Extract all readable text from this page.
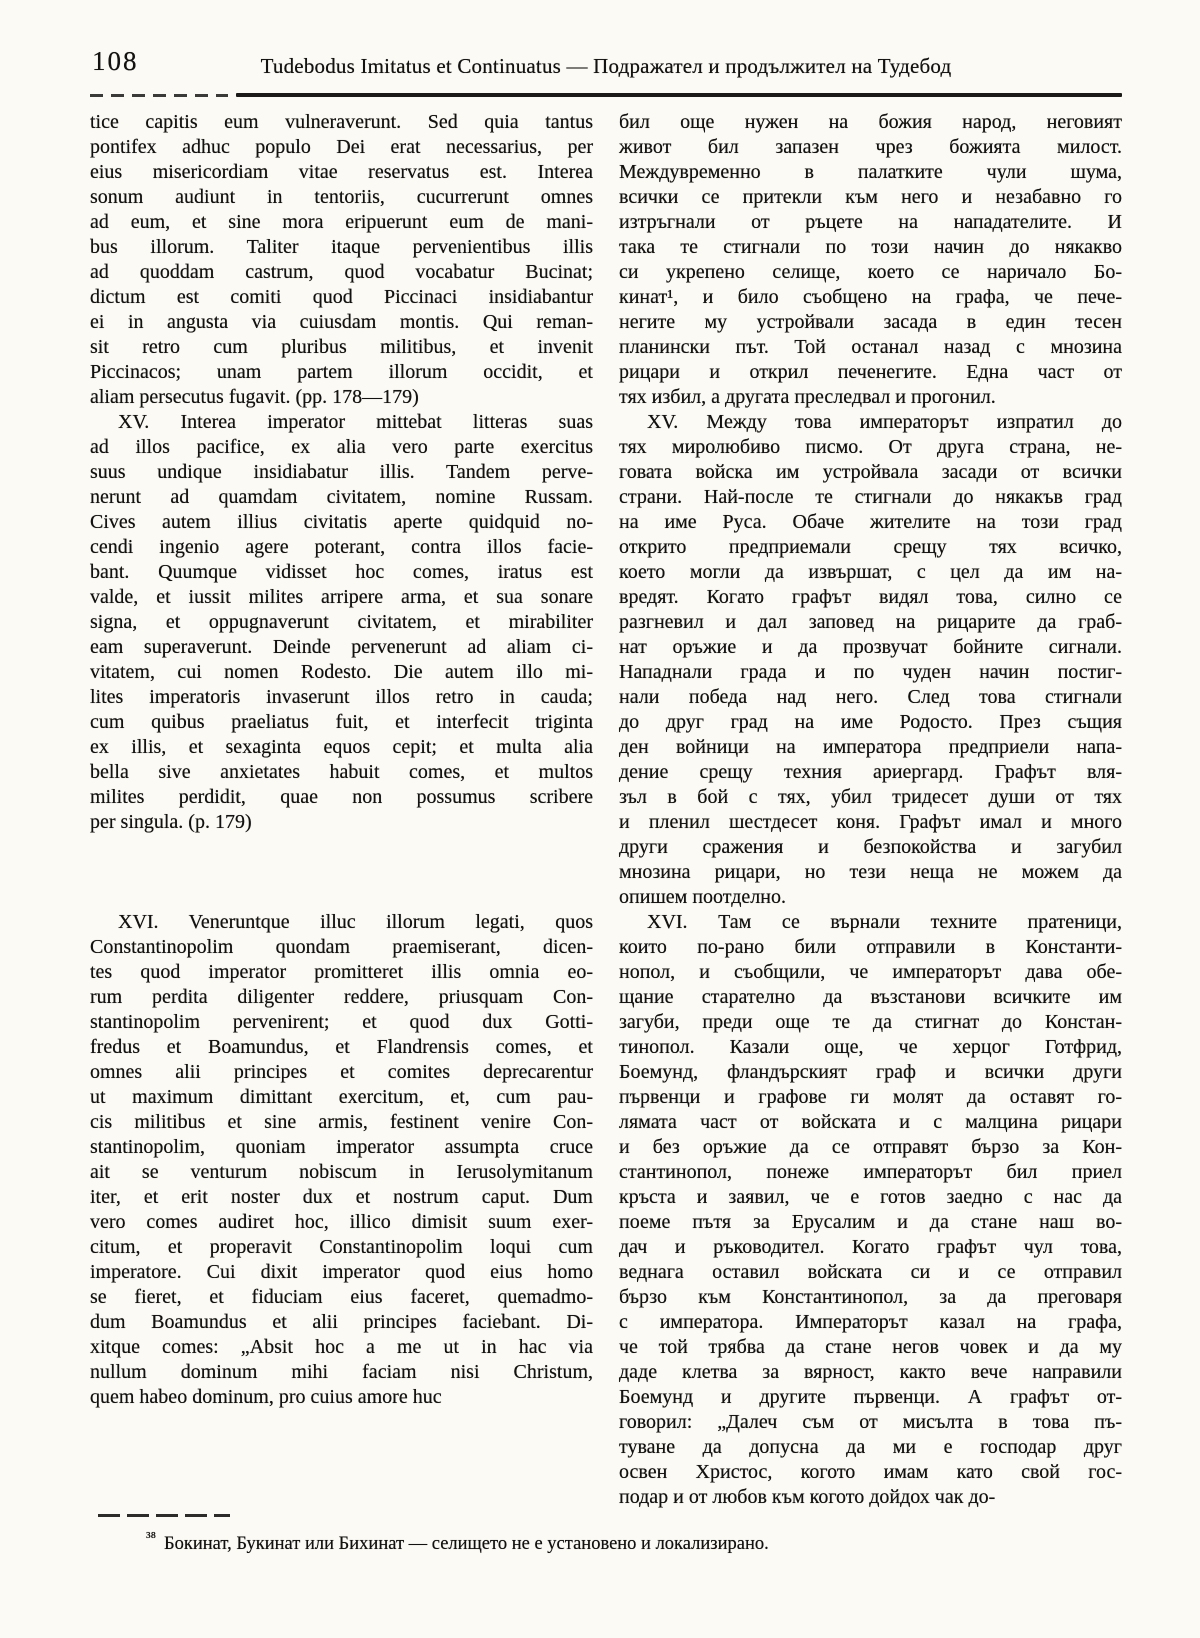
108	Tudebodus Imitatus et Continuatus — Подражател и продължител на Тудебод
tice capitis eum vulneraverunt. Sed quia tantus
pontifex adhuc populo Dei erat necessarius, per
eius misericordiam vitae reservatus est. Interea
sonum audiunt in tentoriis, cucurrerunt omnes
ad eum, et sine mora eripuerunt eum de mani-
bus illorum. Taliter itaque pervenientibus illis
ad quoddam castrum, quod vocabatur Bucinat;
dictum est comiti quod Piccinaci insidiabantur
ei in angusta via cuiusdam montis. Qui reman-
sit retro cum pluribus militibus, et invenit
Piccinacos; unam partem illorum occidit, et
aliam persecutus fugavit. (pp. 178—179)
XV. Interea imperator mittebat litteras suas
ad illos pacifice, ex alia vero parte exercitus
suus undique insidiabatur illis. Tandem perve-
nerunt ad quamdam civitatem, nomine Russam.
Cives autem illius civitatis aperte quidquid no-
cendi ingenio agere poterant, contra illos facie-
bant. Quumque vidisset hoc comes, iratus est
valde, et iussit milites arripere arma, et sua sonare
signa, et oppugnaverunt civitatem, et mirabiliter
eam superaverunt. Deinde pervenerunt ad aliam ci-
vitatem, cui nomen Rodesto. Die autem illo mi-
lites imperatoris invaserunt illos retro in cauda;
cum quibus praeliatus fuit, et interfecit triginta
ex illis, et sexaginta equos cepit; et multa alia
bella sive anxietates habuit comes, et multos
milites perdidit, quae non possumus scribere
per singula. (p. 179)
XVI. Veneruntque illuc illorum legati, quos
Constantinopolim quondam praemiserant, dicen-
tes quod imperator promitteret illis omnia eo-
rum perdita diligenter reddere, priusquam Con-
stantinopolim pervenirent; et quod dux Gotti-
fredus et Boamundus, et Flandrensis comes, et
omnes alii principes et comites deprecarentur
ut maximum dimittant exercitum, et, cum pau-
cis militibus et sine armis, festinent venire Con-
stantinopolim, quoniam imperator assumpta cruce
ait se venturum nobiscum in Ierusolymitanum
iter, et erit noster dux et nostrum caput. Dum
vero comes audiret hoc, illico dimisit suum exer-
citum, et properavit Constantinopolim loqui cum
imperatore. Cui dixit imperator quod eius homo
se fieret, et fiduciam eius faceret, quemadmo-
dum Boamundus et alii principes faciebant. Di-
xitque comes: „Absit hoc a me ut in hac via
nullum dominum mihi faciam nisi Christum,
quem habeo dominum, pro cuius amore huc
бил още нужен на божия народ, неговият
живот бил запазен чрез божията милост.
Междувременно в палатките чули шума,
всички се притекли към него и незабавно го
изтръгнали от ръцете на нападателите. И
така те стигнали по този начин до някакво
си укрепено селище, което се наричало Бо-
кинат¹, и било съобщено на графа, че пече-
негите му устройвали засада в един тесен
планински път. Той останал назад с мнозина
рицари и открил печенегите. Една част от
тях избил, а другата преследвал и прогонил.
XV. Между това императорът изпратил до
тях миролюбиво писмо. От друга страна, не-
говата войска им устройвала засади от всички
страни. Най-после те стигнали до някакъв град
на име Руса. Обаче жителите на този град
открито предприемали срещу тях всичко,
което могли да извършат, с цел да им на-
вредят. Когато графът видял това, силно се
разгневил и дал заповед на рицарите да граб-
нат оръжие и да прозвучат бойните сигнали.
Нападнали града и по чуден начин постиг-
нали победа над него. След това стигнали
до друг град на име Родосто. През същия
ден войници на императора предприели напа-
дение срещу техния ариергард. Графът вля-
зъл в бой с тях, убил тридесет души от тях
и пленил шестдесет коня. Графът имал и много
други сражения и безпокойства и загубил
мнозина рицари, но тези неща не можем да
опишем поотделно.
XVI. Там се върнали техните пратеници,
които по-рано били отправили в Константи-
нопол, и съобщили, че императорът дава обе-
щание старателно да възстанови всичките им
загуби, преди още те да стигнат до Констан-
тинопол. Казали още, че херцог Готфрид,
Боемунд, фландърският граф и всички други
първенци и графове ги молят да оставят го-
лямата част от войската и с малцина рицари
и без оръжие да се отправят бързо за Кон-
стантинопол, понеже императорът бил приел
кръста и заявил, че е готов заедно с нас да
поеме пътя за Ерусалим и да стане наш во-
дач и ръководител. Когато графът чул това,
веднага оставил войската си и се отправил
бързо към Константинопол, за да преговаря
с императора. Императорът казал на графа,
че той трябва да стане негов човек и да му
даде клетва за вярност, както вече направили
Боемунд и другите първенци. А графът от-
говорил: „Далеч съм от мисълта в това пъ-
туване да допусна да ми е господар друг
освен Христос, когото имам като свой гос-
подар и от любов към когото дойдох чак до-
$^{^{38}}$ Бокинат, Букинат или Бихинат — селището не е установено и локализирано.
